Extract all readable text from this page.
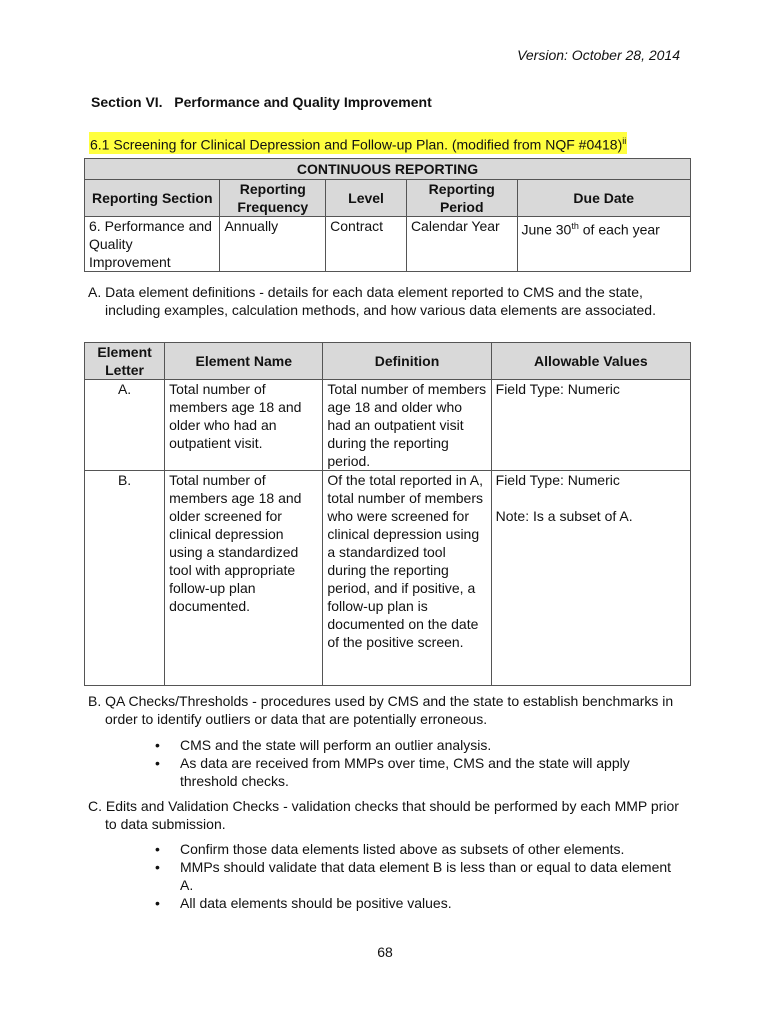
Version: October 28, 2014
Section VI.   Performance and Quality Improvement
6.1 Screening for Clinical Depression and Follow-up Plan. (modified from NQF #0418)$^{ii}$
CONTINUOUS REPORTING				
Reporting Section	Reporting Frequency	Level	Reporting Period	Due Date
6. Performance and Quality Improvement	Annually	Contract	Calendar Year	June 30th of each year
A. Data element definitions - details for each data element reported to CMS and the state, including examples, calculation methods, and how various data elements are associated.
Element Letter	Element Name	Definition	Allowable Values
A.	Total number of members age 18 and older who had an outpatient visit.	Total number of members age 18 and older who had an outpatient visit during the reporting period.	Field Type: Numeric

B.	Total number of members age 18 and older screened for clinical depression using a standardized tool with appropriate follow-up plan documented.	Of the total reported in A, total number of members who were screened for clinical depression using a standardized tool during the reporting period, and if positive, a follow-up plan is documented on the date of the positive screen.	Field Type: Numeric
Note: Is a subset of A.
B. QA Checks/Thresholds - procedures used by CMS and the state to establish benchmarks in order to identify outliers or data that are potentially erroneous.
• CMS and the state will perform an outlier analysis.
• As data are received from MMPs over time, CMS and the state will apply threshold checks.
C. Edits and Validation Checks - validation checks that should be performed by each MMP prior to data submission.
• Confirm those data elements listed above as subsets of other elements.
• MMPs should validate that data element B is less than or equal to data element A.
• All data elements should be positive values.
68
